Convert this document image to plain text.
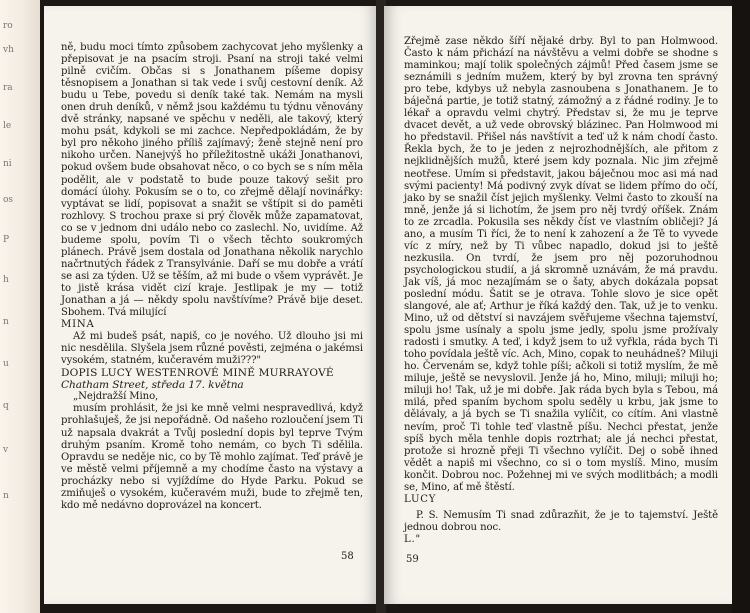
ro
vh
ra
le
ni
os
P
h
n
u
q
v
n

ně, budu moci tímto způsobem zachycovat jeho myšlenky a přepisovat je na psacím stroji. Psaní na stroji také velmi pilně cvičím. Občas si s Jonathanem píšeme dopisy těsnopisem a Jonathan si tak vede i svůj cestovní deník. Až budu u Tebe, povedu si deník také tak. Nemám na mysli onen druh deníků, v němž jsou každému tu týdnu věnovány dvě stránky, napsané ve spěchu v neděli, ale takový, který mohu psát, kdykoli se mi zachce. Nepředpokládám, že by byl pro někoho jiného příliš zajímavý; ženě stejně není pro nikoho určen. Nanejvýš ho příležitostně ukáži Jonathanovi, pokud ovšem bude obsahovat něco, o co bych se s ním měla podělit, ale v podstatě to bude pouze takový sešit pro domácí úlohy. Pokusím se o to, co zřejmě dělají novinářky: vyptávat se lidí, popisovat a snažit se vštípit si do paměti rozhlovy. S trochou praxe si prý člověk může zapamatovat, co se v jednom dni událo nebo co zaslechl. No, uvidíme. Až budeme spolu, povím Ti o všech těchto soukromých plánech. Právě jsem dostala od Jonathana několik narychlo načrtnutých řádek z Transylvánie. Daří se mu dobře a vrátí se asi za týden. Už se těším, až mi bude o všem vyprávět. Je to jistě krása vidět cizí kraje. Jestlipak je my — totiž Jonathan a já — někdy spolu navštívíme? Právě bije deset. Sbohem. Tvá milující

MINA

Až mi budeš psát, napiš, co je nového. Už dlouho jsi mi nic nesdělila. Slyšela jsem různé pověsti, zejména o jakémsi vysokém, statném, kučeravém muži???"

DOPIS LUCY WESTENROVÉ MINĚ MURRAYOVÉ

Chatham Street, středa 17. května

„Nejdražší Mino,

musím prohlásit, že jsi ke mně velmi nespravedlivá, když prohlašuješ, že jsi nepořádně. Od našeho rozloučení jsem Ti už napsala dvakrát a Tvůj poslední dopis byl teprve Tvým druhým psaním. Kromě toho nemám, co bych Ti sdělila. Opravdu se neděje nic, co by Tě mohlo zajímat. Teď právě je ve městě velmi příjemně a my chodíme často na výstavy a procházky nebo si vyjíždíme do Hyde Parku. Pokud se zmiňuješ o vysokém, kučeravém muži, bude to zřejmě ten, kdo mě nedávno doprovázel na koncert.

58

Zřejmě zase někdo šíří nějaké drby. Byl to pan Holmwood. Často k nám přichází na návštěvu a velmi dobře se shodne s maminkou; mají tolik společných zájmů! Před časem jsme se seznámili s jedním mužem, který by byl zrovna ten správný pro tebe, kdybys už nebyla zasnoubena s Jonathanem. Je to báječná partie, je totiž statný, zámožný a z řádné rodiny. Je to lékař a opravdu velmi chytrý. Představ si, že mu je teprve dvacet devět, a už vede obrovský blázinec. Pan Holmwood mi ho představil. Přišel nás navštívit a teď už k nám chodí často. Řekla bych, že to je jeden z nejrozhodnějších, ale přitom z nejklidnějších mužů, které jsem kdy poznala. Nic jim zřejmě neotřese. Umím si představit, jakou báječnou moc asi má nad svými pacienty! Má podivný zvyk dívat se lidem přímo do očí, jako by se snažil číst jejich myšlenky. Velmi často to zkouší na mně, jenže já si lichotím, že jsem pro něj tvrdý oříšek. Znám to ze zrcadla. Pokusila ses někdy číst ve vlastním obličeji? Já ano, a musím Ti říci, že to není k zahození a že Tě to vyvede víc z míry, než by Ti vůbec napadlo, dokud jsi to ještě nezkusila. On tvrdí, že jsem pro něj pozoruhodnou psychologickou studií, a já skromně uznávám, že má pravdu. Jak víš, já moc nezajímám se o šaty, abych dokázala popsat poslední módu. Šatit se je otrava. Tohle slovo je sice opět slangové, ale ať; Arthur je říká každý den. Tak, už je to venku. Mino, už od dětství si navzájem svěřujeme všechna tajemství, spolu jsme usínaly a spolu jsme jedly, spolu jsme prožívaly radosti i smutky. A teď, i když jsem to už vyřkla, ráda bych Ti toho povídala ještě víc. Ach, Mino, copak to neuhádneš? Miluji ho. Červenám se, když tohle píši; ačkoli si totiž myslím, že mě miluje, ještě se nevyslovil. Jenže já ho, Mino, miluji; miluji ho; miluji ho! Tak, už je mi dobře. Jak ráda bych byla s Tebou, má milá, před spaním bychom spolu seděly u krbu, jak jsme to dělávaly, a já bych se Ti snažila vylíčit, co cítím. Ani vlastně nevím, proč Ti tohle teď vlastně píšu. Nechci přestat, jenže spíš bych měla tenhle dopis roztrhat; ale já nechci přestat, protože si hrozně přeji Ti všechno vylíčit. Dej o sobě ihned vědět a napiš mi všechno, co si o tom myslíš. Mino, musím končit. Dobrou noc. Požehnej mi ve svých modlitbách; a modli se, Mino, ať mě štěstí.

LUCY

P. S. Nemusím Ti snad zdůrazňit, že je to tajemství. Ještě jednou dobrou noc.

L."

59
